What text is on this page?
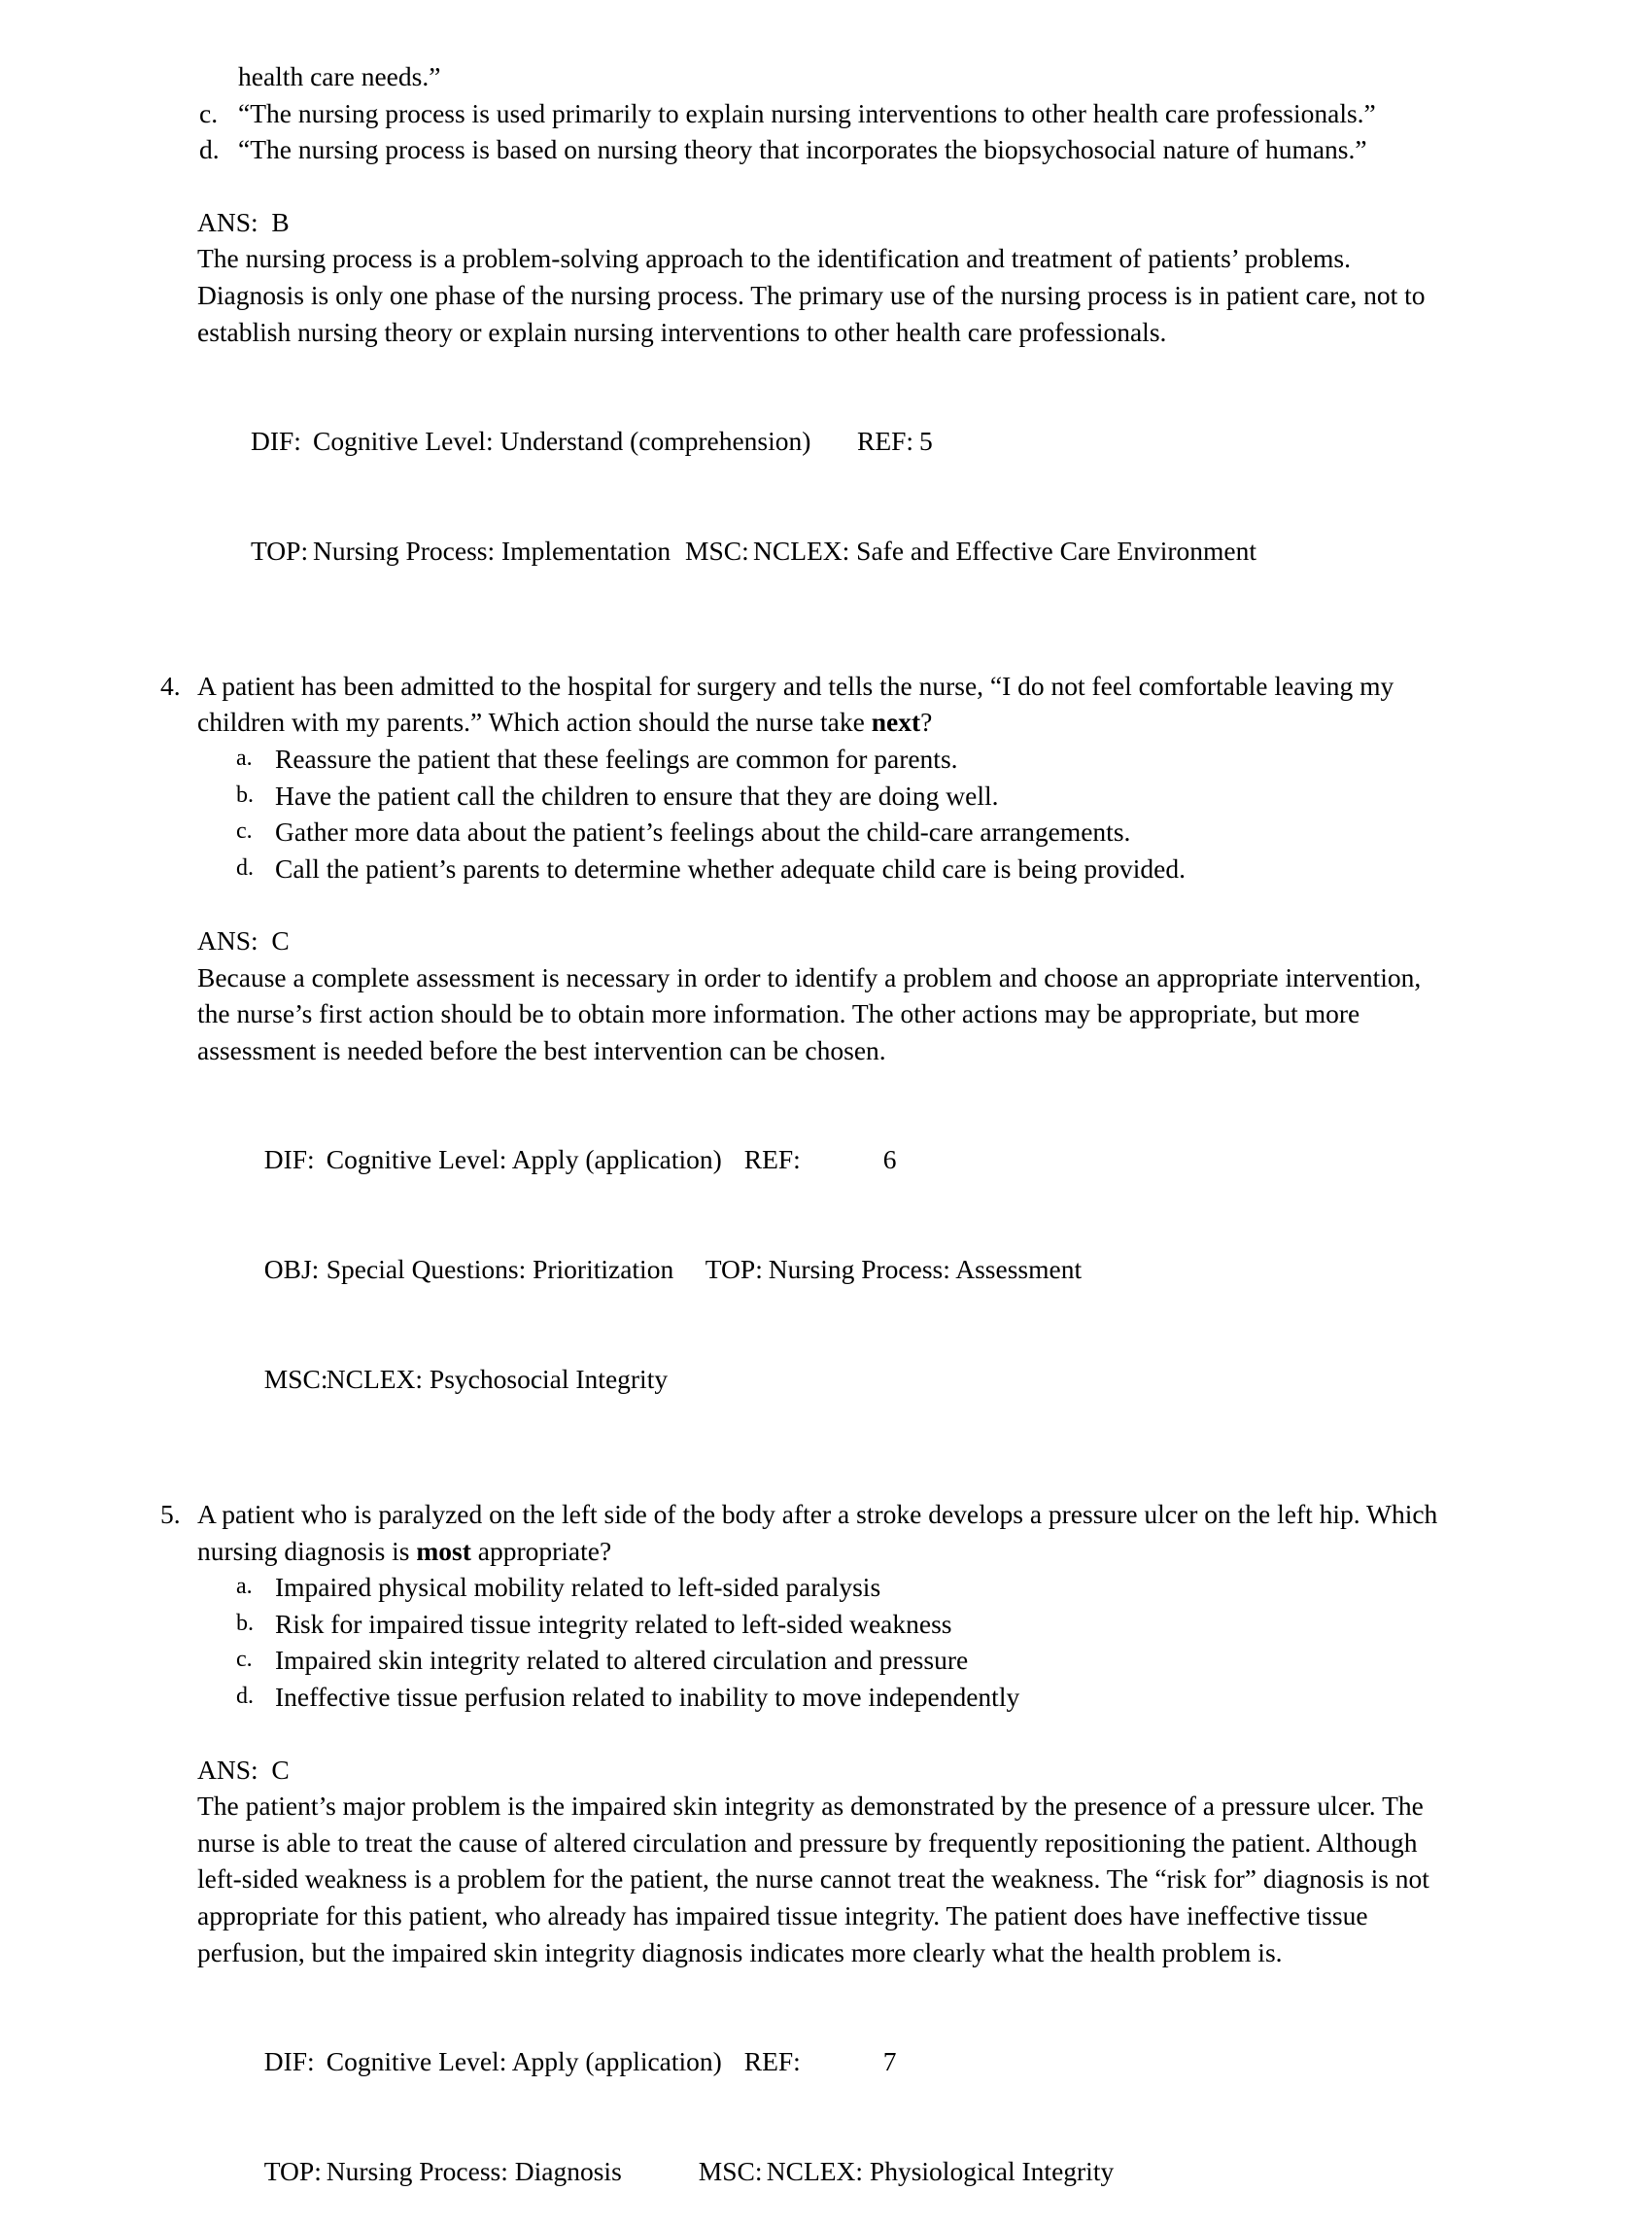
health care needs.”

c. “The nursing process is used primarily to explain nursing interventions to other health care professionals.”
d. “The nursing process is based on nursing theory that incorporates the biopsychosocial nature of humans.”

ANS: B

The nursing process is a problem-solving approach to the identification and treatment of patients’ problems. Diagnosis is only one phase of the nursing process. The primary use of the nursing process is in patient care, not to establish nursing theory or explain nursing interventions to other health care professionals.

DIF: Cognitive Level: Understand (comprehension) REF: 5

TOP: Nursing Process: Implementation MSC: NCLEX: Safe and Effective Care Environment

4. A patient has been admitted to the hospital for surgery and tells the nurse, “I do not feel comfortable leaving my children with my parents.” Which action should the nurse take next?

a. Reassure the patient that these feelings are common for parents.
b. Have the patient call the children to ensure that they are doing well.
c. Gather more data about the patient’s feelings about the child-care arrangements.
d. Call the patient’s parents to determine whether adequate child care is being provided.

ANS: C

Because a complete assessment is necessary in order to identify a problem and choose an appropriate intervention, the nurse’s first action should be to obtain more information. The other actions may be appropriate, but more assessment is needed before the best intervention can be chosen.

DIF: Cognitive Level: Apply (application) REF:	6

OBJ: Special Questions: Prioritization TOP: Nursing Process: Assessment

MSC:NCLEX: Psychosocial Integrity

5. A patient who is paralyzed on the left side of the body after a stroke develops a pressure ulcer on the left hip. Which nursing diagnosis is most appropriate?

a. Impaired physical mobility related to left-sided paralysis
b. Risk for impaired tissue integrity related to left-sided weakness
c. Impaired skin integrity related to altered circulation and pressure
d. Ineffective tissue perfusion related to inability to move independently

ANS: C

The patient’s major problem is the impaired skin integrity as demonstrated by the presence of a pressure ulcer. The nurse is able to treat the cause of altered circulation and pressure by frequently repositioning the patient. Although left-sided weakness is a problem for the patient, the nurse cannot treat the weakness. The “risk for” diagnosis is not appropriate for this patient, who already has impaired tissue integrity. The patient does have ineffective tissue perfusion, but the impaired skin integrity diagnosis indicates more clearly what the health problem is.

DIF: Cognitive Level: Apply (application) REF:	7

TOP: Nursing Process: Diagnosis	MSC: NCLEX: Physiological Integrity
